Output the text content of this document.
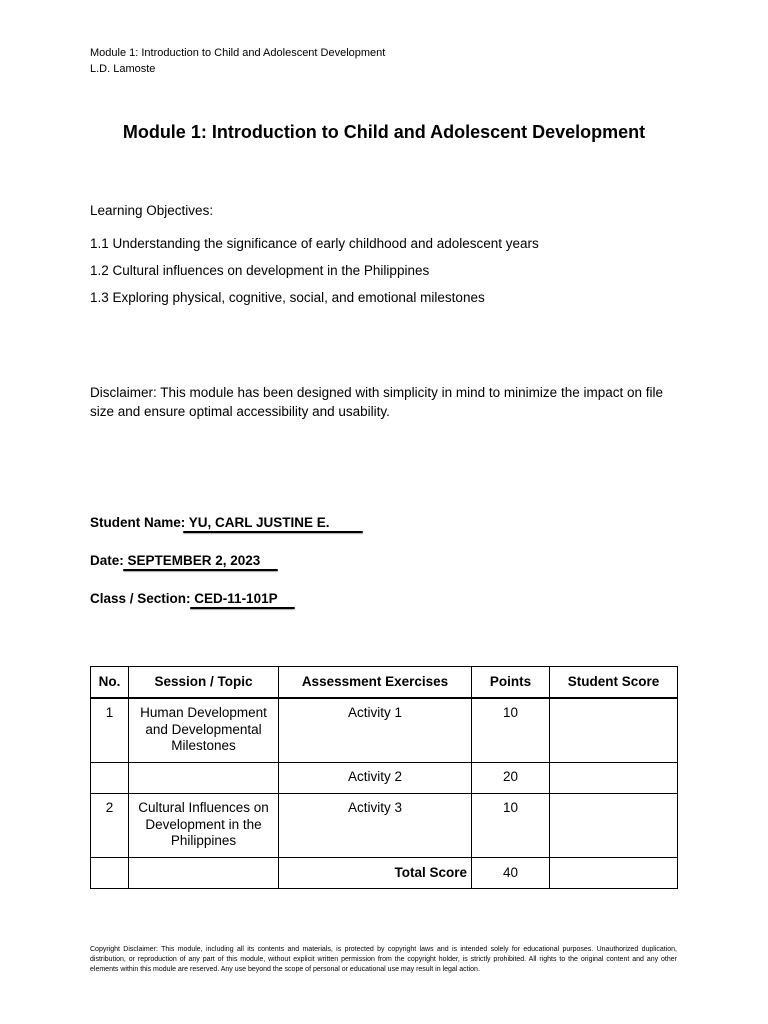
Module 1: Introduction to Child and Adolescent Development
L.D. Lamoste
Module 1: Introduction to Child and Adolescent Development
Learning Objectives:
1.1 Understanding the significance of early childhood and adolescent years
1.2 Cultural influences on development in the Philippines
1.3 Exploring physical, cognitive, social, and emotional milestones
Disclaimer: This module has been designed with simplicity in mind to minimize the impact on file size and ensure optimal accessibility and usability.
Student Name: YU, CARL JUSTINE E.
Date: SEPTEMBER 2, 2023
Class / Section: CED-11-101P
No.	Session / Topic	Assessment Exercises	Points	Student Score
1	Human Development and Developmental Milestones	Activity 1	10	
		Activity 2	20	
2	Cultural Influences on Development in the Philippines	Activity 3	10	
		Total Score	40	
Copyright Disclaimer: This module, including all its contents and materials, is protected by copyright laws and is intended solely for educational purposes. Unauthorized duplication, distribution, or reproduction of any part of this module, without explicit written permission from the copyright holder, is strictly prohibited. All rights to the original content and any other elements within this module are reserved. Any use beyond the scope of personal or educational use may result in legal action.
